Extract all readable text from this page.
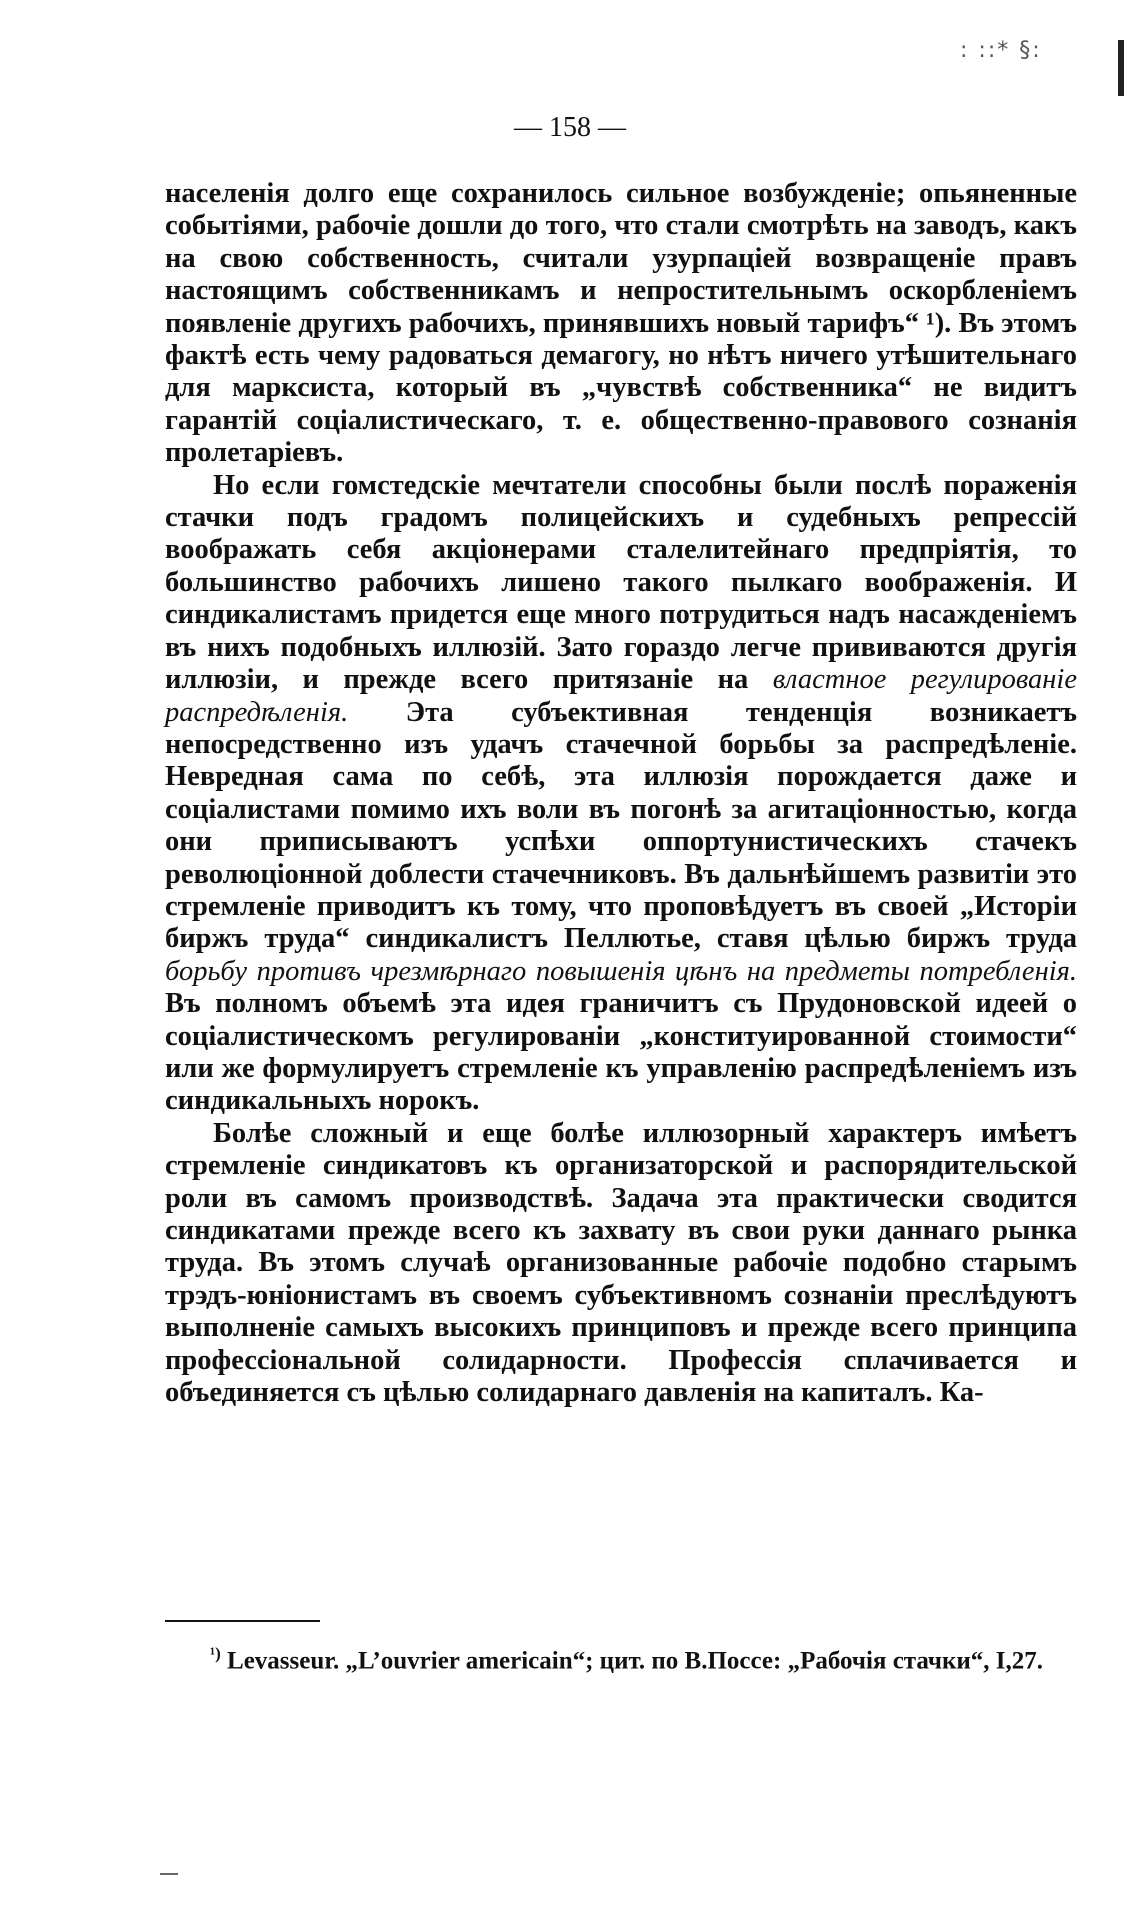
: ::* §:
— 158 —

населенія долго еще сохранилось сильное возбужденіе; опьяненные событіями, рабочіе дошли до того, что стали смотрѣть на заводъ, какъ на свою собственность, считали узурпаціей возвращеніе правъ настоящимъ собственникамъ и непростительнымъ оскорбленіемъ появленіе другихъ рабочихъ, принявшихъ новый тарифъ“ ¹). Въ этомъ фактѣ есть чему радоваться демагогу, но нѣтъ ничего утѣшительнаго для марксиста, который въ „чувствѣ собственника“ не видитъ гарантій соціалистическаго, т. е. общественно-правового сознанія пролетаріевъ.

Но если гомстедскіе мечтатели способны были послѣ пораженія стачки подъ градомъ полицейскихъ и судебныхъ репрессій воображать себя акціонерами сталелитейнаго предпріятія, то большинство рабочихъ лишено такого пылкаго воображенія. И синдикалистамъ придется еще много потрудиться надъ насажденіемъ въ нихъ подобныхъ иллюзій. Зато гораздо легче прививаются другія иллюзіи, и прежде всего притязаніе на властное регулированіе распредѣленія. Эта субъективная тенденція возникаетъ непосредственно изъ удачъ стачечной борьбы за распредѣленіе. Невредная сама по себѣ, эта иллюзія порождается даже и соціалистами помимо ихъ воли въ погонѣ за агитаціонностью, когда они приписываютъ успѣхи оппортунистическихъ стачекъ революціонной доблести стачечниковъ. Въ дальнѣйшемъ развитіи это стремленіе приводитъ къ тому, что проповѣдуетъ въ своей „Исторіи биржъ труда“ синдикалистъ Пеллютье, ставя цѣлью биржъ труда борьбу противъ чрезмѣрнаго повышенія цѣнъ на предметы потребленія. Въ полномъ объемѣ эта идея граничитъ съ Прудоновской идеей о соціалистическомъ регулированіи „конституированной стоимости“ или же формулируетъ стремленіе къ управленію распредѣленіемъ изъ синдикальныхъ норокъ.

Болѣе сложный и еще болѣе иллюзорный характеръ имѣетъ стремленіе синдикатовъ къ организаторской и распорядительской роли въ самомъ производствѣ. Задача эта практически сводится синдикатами прежде всего къ захвату въ свои руки даннаго рынка труда. Въ этомъ случаѣ организованные рабочіе подобно старымъ трэдъ-юніонистамъ въ своемъ субъективномъ сознаніи преслѣдуютъ выполненіе самыхъ высокихъ принциповъ и прежде всего принципа профессіональной солидарности. Профессія сплачивается и объединяется съ цѣлью солидарнаго давленія на капиталъ. Ка-

$^{^1)}$ Levasseur. „L’ouvrier americain“; цит. по В.Поссе: „Рабочія стачки“, I,27.
